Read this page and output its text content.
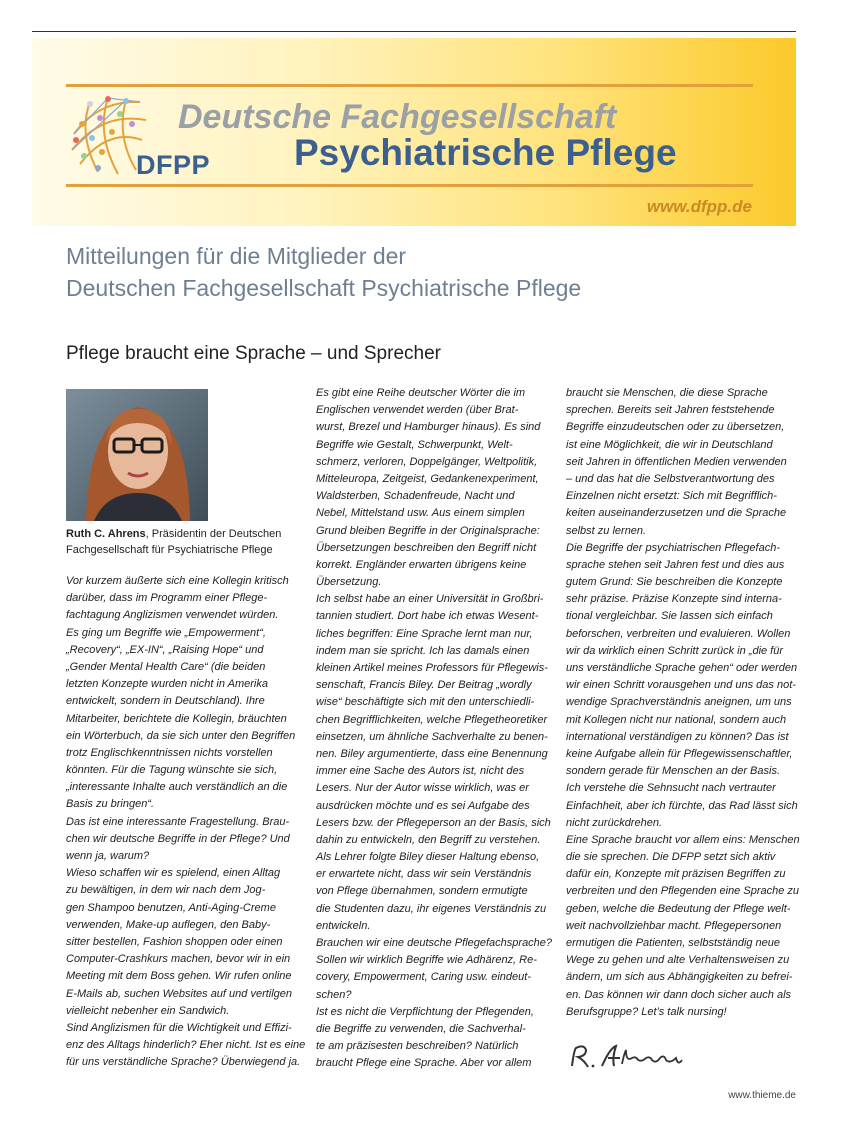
DFPP
Deutsche Fachgesellschaft
Psychiatrische Pflege
www.dfpp.de
Mitteilungen für die Mitglieder der
Deutschen Fachgesellschaft Psychiatrische Pflege
Pflege braucht eine Sprache – und Sprecher
Ruth C. Ahrens, Präsidentin der Deutschen
Fachgesellschaft für Psychiatrische Pflege
Vor kurzem äußerte sich eine Kollegin kritisch
darüber, dass im Programm einer Pflege-
fachtagung Anglizismen verwendet würden.
Es ging um Begriffe wie „Empowerment“,
„Recovery“, „EX-IN“, „Raising Hope“ und
„Gender Mental Health Care“ (die beiden
letzten Konzepte wurden nicht in Amerika
entwickelt, sondern in Deutschland). Ihre
Mitarbeiter, berichtete die Kollegin, bräuchten
ein Wörterbuch, da sie sich unter den Begriffen
trotz Englischkenntnissen nichts vorstellen
könnten. Für die Tagung wünschte sie sich,
„interessante Inhalte auch verständlich an die
Basis zu bringen“.
Das ist eine interessante Fragestellung. Brau-
chen wir deutsche Begriffe in der Pflege? Und
wenn ja, warum?
Wieso schaffen wir es spielend, einen Alltag
zu bewältigen, in dem wir nach dem Jog-
gen Shampoo benutzen, Anti-Aging-Creme
verwenden, Make-up auflegen, den Baby-
sitter bestellen, Fashion shoppen oder einen
Computer-Crashkurs machen, bevor wir in ein
Meeting mit dem Boss gehen. Wir rufen online
E-Mails ab, suchen Websites auf und vertilgen
vielleicht nebenher ein Sandwich.
Sind Anglizismen für die Wichtigkeit und Effizi-
enz des Alltags hinderlich? Eher nicht. Ist es eine
für uns verständliche Sprache? Überwiegend ja.
Es gibt eine Reihe deutscher Wörter die im
Englischen verwendet werden (über Brat-
wurst, Brezel und Hamburger hinaus). Es sind
Begriffe wie Gestalt, Schwerpunkt, Welt-
schmerz, verloren, Doppelgänger, Weltpolitik,
Mitteleuropa, Zeitgeist, Gedankenexperiment,
Waldsterben, Schadenfreude, Nacht und
Nebel, Mittelstand usw. Aus einem simplen
Grund bleiben Begriffe in der Originalsprache:
Übersetzungen beschreiben den Begriff nicht
korrekt. Engländer erwarten übrigens keine
Übersetzung.
Ich selbst habe an einer Universität in Großbri-
tannien studiert. Dort habe ich etwas Wesent-
liches begriffen: Eine Sprache lernt man nur,
indem man sie spricht. Ich las damals einen
kleinen Artikel meines Professors für Pflegewis-
senschaft, Francis Biley. Der Beitrag „wordly
wise“ beschäftigte sich mit den unterschiedli-
chen Begrifflichkeiten, welche Pflegetheoretiker
einsetzen, um ähnliche Sachverhalte zu benen-
nen. Biley argumentierte, dass eine Benennung
immer eine Sache des Autors ist, nicht des
Lesers. Nur der Autor wisse wirklich, was er
ausdrücken möchte und es sei Aufgabe des
Lesers bzw. der Pflegeperson an der Basis, sich
dahin zu entwickeln, den Begriff zu verstehen.
Als Lehrer folgte Biley dieser Haltung ebenso,
er erwartete nicht, dass wir sein Verständnis
von Pflege übernahmen, sondern ermutigte
die Studenten dazu, ihr eigenes Verständnis zu
entwickeln.
Brauchen wir eine deutsche Pflegefachsprache?
Sollen wir wirklich Begriffe wie Adhärenz, Re-
covery, Empowerment, Caring usw. eindeut-
schen?
Ist es nicht die Verpflichtung der Pflegenden,
die Begriffe zu verwenden, die Sachverhal-
te am präzisesten beschreiben? Natürlich
braucht Pflege eine Sprache. Aber vor allem
braucht sie Menschen, die diese Sprache
sprechen. Bereits seit Jahren feststehende
Begriffe einzudeutschen oder zu übersetzen,
ist eine Möglichkeit, die wir in Deutschland
seit Jahren in öffentlichen Medien verwenden
– und das hat die Selbstverantwortung des
Einzelnen nicht ersetzt: Sich mit Begrifflich-
keiten auseinanderzusetzen und die Sprache
selbst zu lernen.
Die Begriffe der psychiatrischen Pflegefach-
sprache stehen seit Jahren fest und dies aus
gutem Grund: Sie beschreiben die Konzepte
sehr präzise. Präzise Konzepte sind interna-
tional vergleichbar. Sie lassen sich einfach
beforschen, verbreiten und evaluieren. Wollen
wir da wirklich einen Schritt zurück in „die für
uns verständliche Sprache gehen“ oder werden
wir einen Schritt vorausgehen und uns das not-
wendige Sprachverständnis aneignen, um uns
mit Kollegen nicht nur national, sondern auch
international verständigen zu können? Das ist
keine Aufgabe allein für Pflegewissenschaftler,
sondern gerade für Menschen an der Basis.
Ich verstehe die Sehnsucht nach vertrauter
Einfachheit, aber ich fürchte, das Rad lässt sich
nicht zurückdrehen.
Eine Sprache braucht vor allem eins: Menschen
die sie sprechen. Die DFPP setzt sich aktiv
dafür ein, Konzepte mit präzisen Begriffen zu
verbreiten und den Pflegenden eine Sprache zu
geben, welche die Bedeutung der Pflege welt-
weit nachvollziehbar macht. Pflegepersonen
ermutigen die Patienten, selbstständig neue
Wege zu gehen und alte Verhaltensweisen zu
ändern, um sich aus Abhängigkeiten zu befrei-
en. Das können wir dann doch sicher auch als
Berufsgruppe? Let’s talk nursing!
www.thieme.de
